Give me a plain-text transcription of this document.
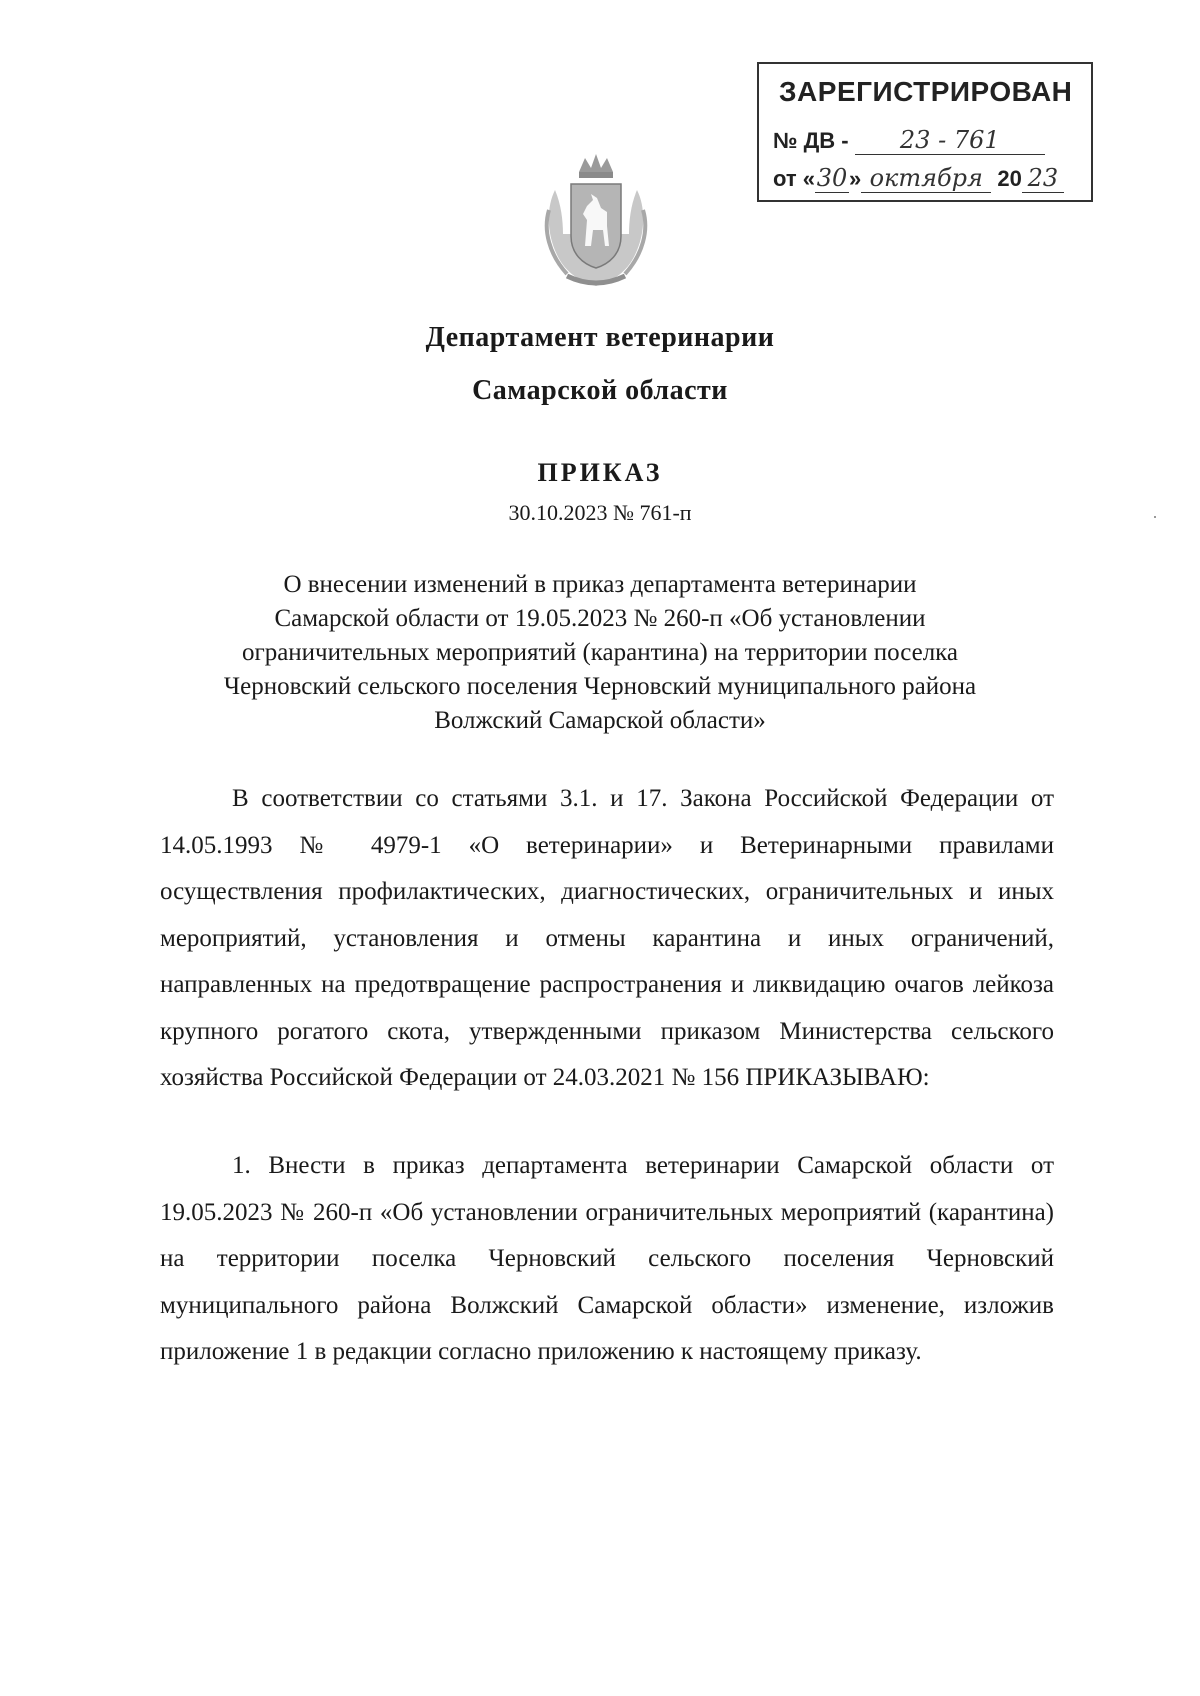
ЗАРЕГИСТРИРОВАН
№ ДВ - 23 - 761
от «30» октября 20 23
Департамент ветеринарии
Самарской области
ПРИКАЗ
30.10.2023 № 761-п
О внесении изменений в приказ департамента ветеринарии
Самарской области от 19.05.2023 № 260-п «Об установлении
ограничительных мероприятий (карантина) на территории поселка
Черновский сельского поселения Черновский муниципального района
Волжский Самарской области»

В соответствии со статьями 3.1. и 17. Закона Российской Федерации от 14.05.1993 № 4979-1 «О ветеринарии» и Ветеринарными правилами осуществления профилактических, диагностических, ограничительных и иных мероприятий, установления и отмены карантина и иных ограничений, направленных на предотвращение распространения и ликвидацию очагов лейкоза крупного рогатого скота, утвержденными приказом Министерства сельского хозяйства Российской Федерации от 24.03.2021 № 156 ПРИКАЗЫВАЮ:

1. Внести в приказ департамента ветеринарии Самарской области от 19.05.2023 № 260-п «Об установлении ограничительных мероприятий (карантина) на территории поселка Черновский сельского поселения Черновский муниципального района Волжский Самарской области» изменение, изложив приложение 1 в редакции согласно приложению к настоящему приказу.
